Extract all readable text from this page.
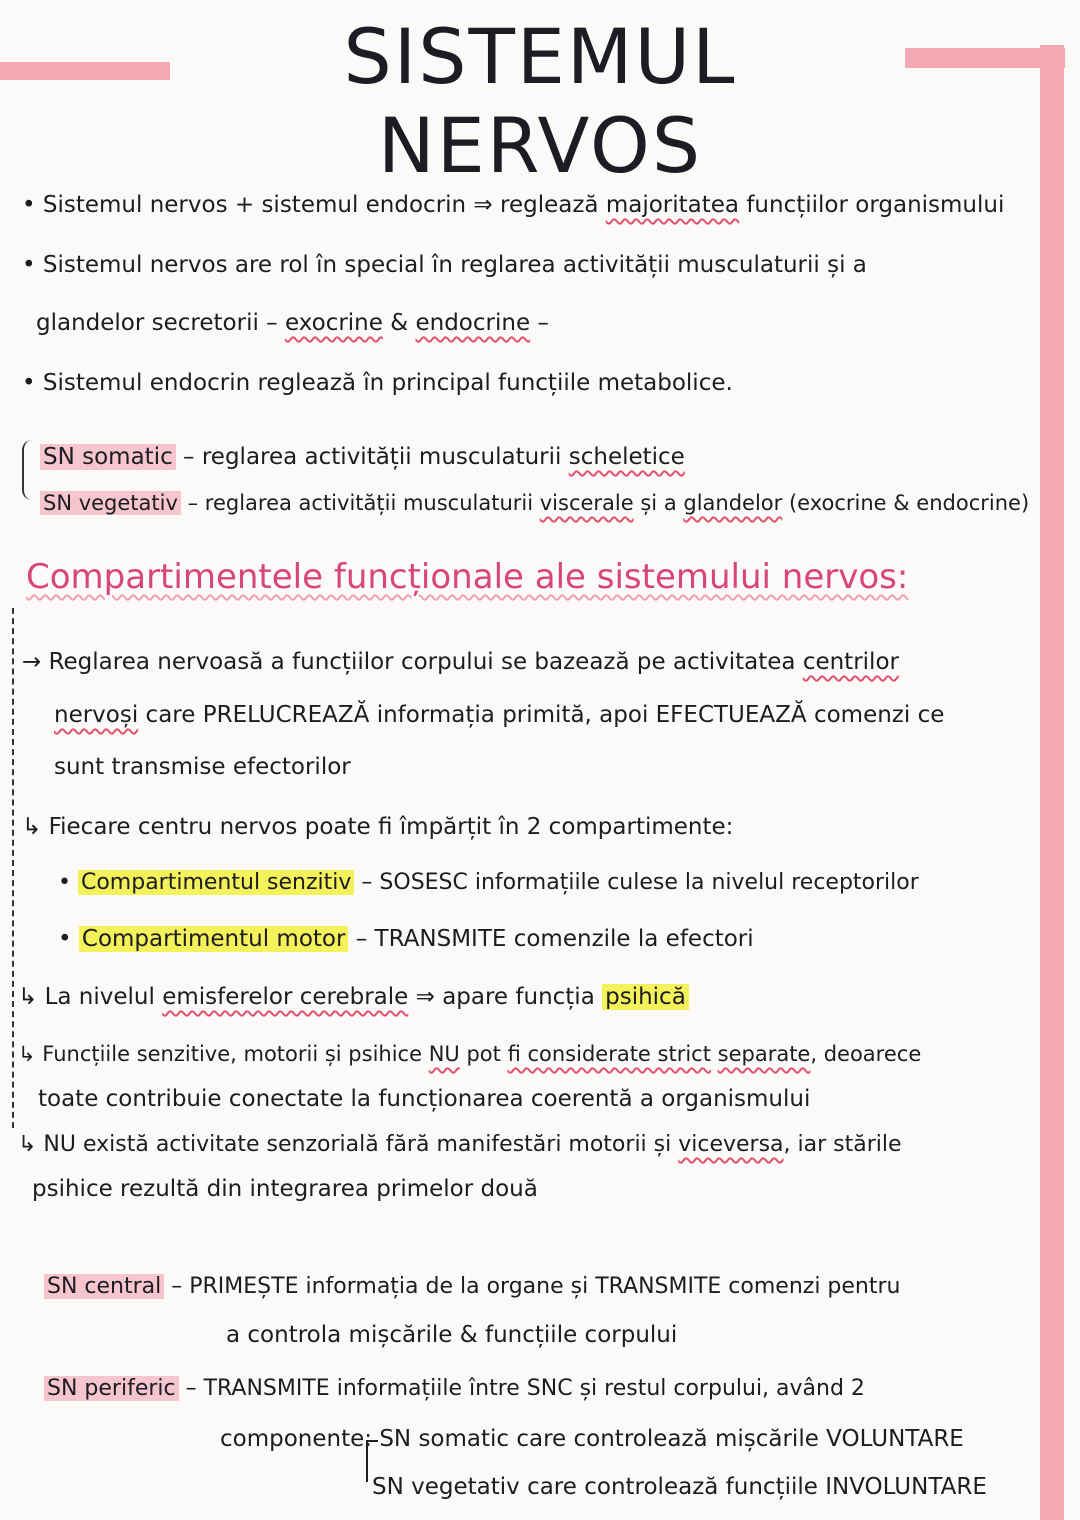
SISTEMUL NERVOS
• Sistemul nervos + sistemul endocrin ⇒ reglează majoritatea funcțiilor organismului
• Sistemul nervos are rol în special în reglarea activității musculaturii și a
glandelor secretorii – exocrine & endocrine –
• Sistemul endocrin reglează în principal funcțiile metabolice.
SN somatic – reglarea activității musculaturii scheletice
SN vegetativ – reglarea activității musculaturii viscerale și a glandelor (exocrine & endocrine)
Compartimentele funcționale ale sistemului nervos:
→ Reglarea nervoasă a funcțiilor corpului se bazează pe activitatea centrilor
nervoși care PRELUCREAZĂ informația primită, apoi EFECTUEAZĂ comenzi ce
sunt transmise efectorilor
↳ Fiecare centru nervos poate fi împărțit în 2 compartimente:
• Compartimentul senzitiv – SOSESC informațiile culese la nivelul receptorilor
• Compartimentul motor – TRANSMITE comenzile la efectori
↳ La nivelul emisferelor cerebrale ⇒ apare funcția psihică
↳ Funcțiile senzitive, motorii și psihice NU pot fi considerate strict separate, deoarece
toate contribuie conectate la funcționarea coerentă a organismului
↳ NU există activitate senzorială fără manifestări motorii și viceversa, iar stările
psihice rezultă din integrarea primelor două
SN central – PRIMEȘTE informația de la organe și TRANSMITE comenzi pentru
a controla mișcările & funcțiile corpului
SN periferic – TRANSMITE informațiile între SNC și restul corpului, având 2
componente: SN somatic care controlează mișcările VOLUNTARE
SN vegetativ care controlează funcțiile INVOLUNTARE
